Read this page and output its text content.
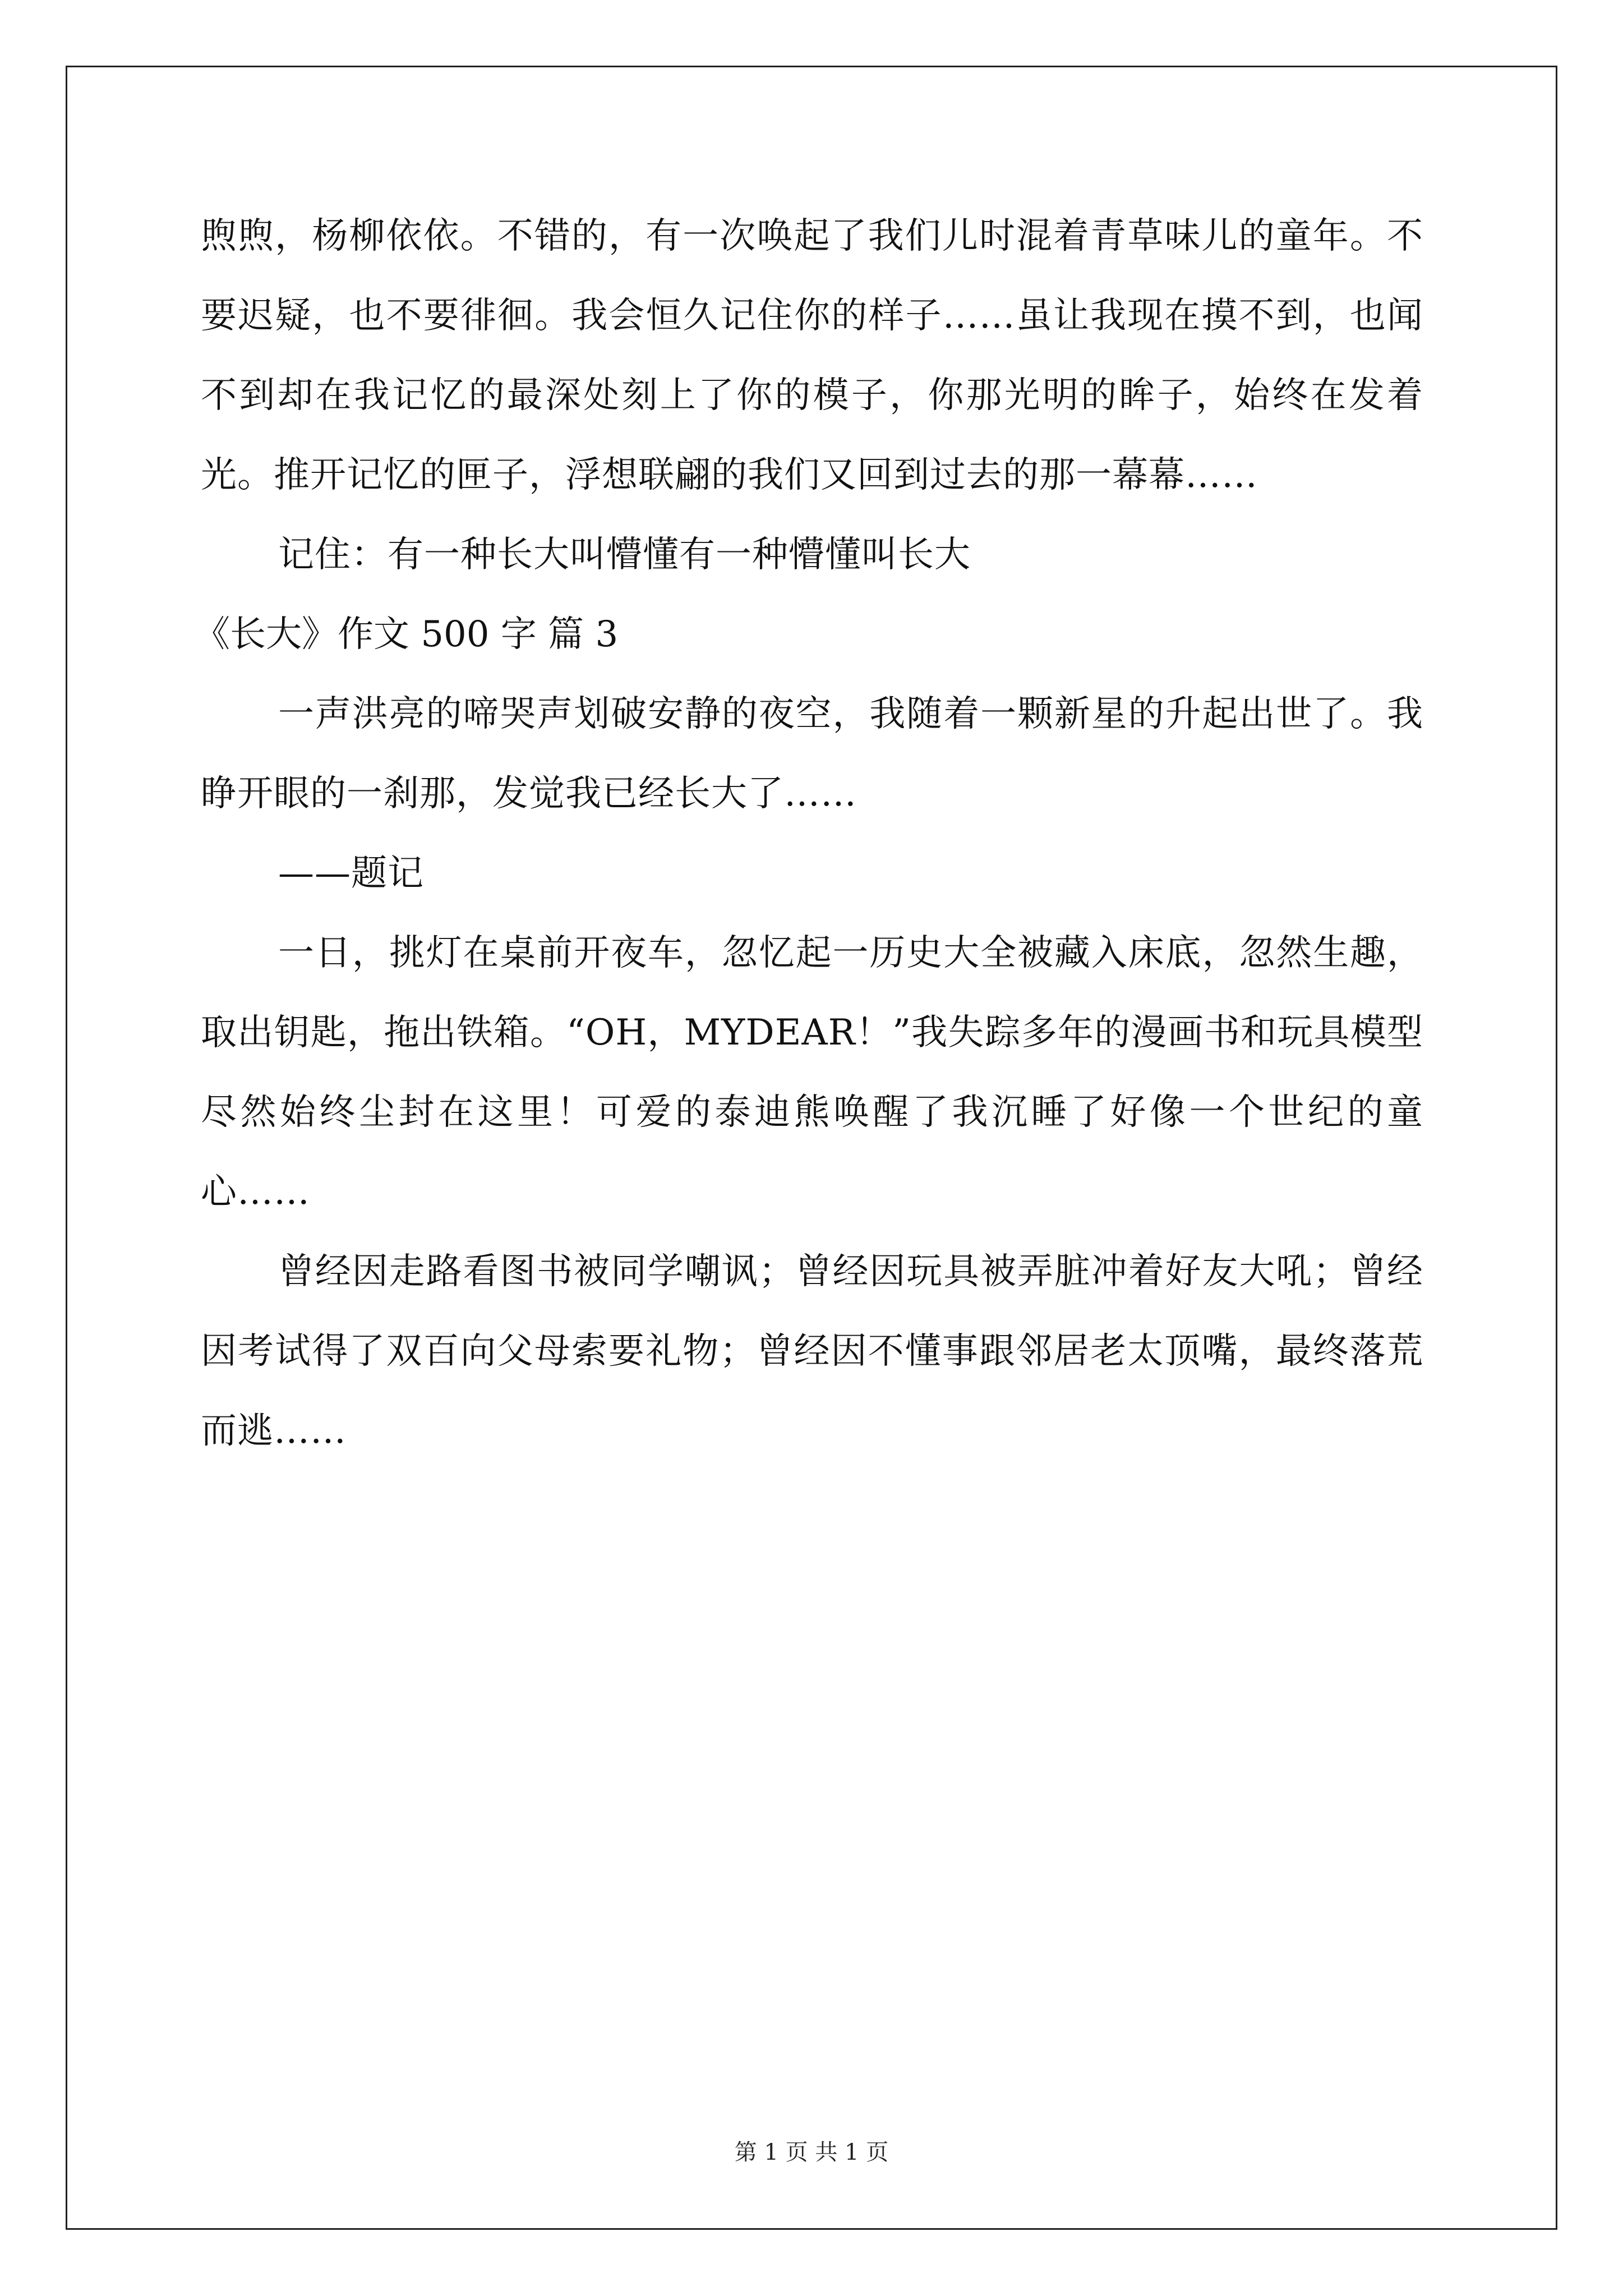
煦煦，杨柳依依。不错的，有一次唤起了我们儿时混着青草味儿的童年。不要迟疑，也不要徘徊。我会恒久记住你的样子……虽让我现在摸不到，也闻不到却在我记忆的最深处刻上了你的模子，你那光明的眸子，始终在发着光。推开记忆的匣子，浮想联翩的我们又回到过去的那一幕幕……

记住：有一种长大叫懵懂有一种懵懂叫长大

《长大》作文 500 字 篇 3

一声洪亮的啼哭声划破安静的夜空，我随着一颗新星的升起出世了。我睁开眼的一刹那，发觉我已经长大了……

——题记

一日，挑灯在桌前开夜车，忽忆起一历史大全被藏入床底，忽然生趣，取出钥匙，拖出铁箱。“OH，MYDEAR！”我失踪多年的漫画书和玩具模型尽然始终尘封在这里！可爱的泰迪熊唤醒了我沉睡了好像一个世纪的童心……

曾经因走路看图书被同学嘲讽；曾经因玩具被弄脏冲着好友大吼；曾经因考试得了双百向父母索要礼物；曾经因不懂事跟邻居老太顶嘴，最终落荒而逃……

第 1 页 共 1 页
